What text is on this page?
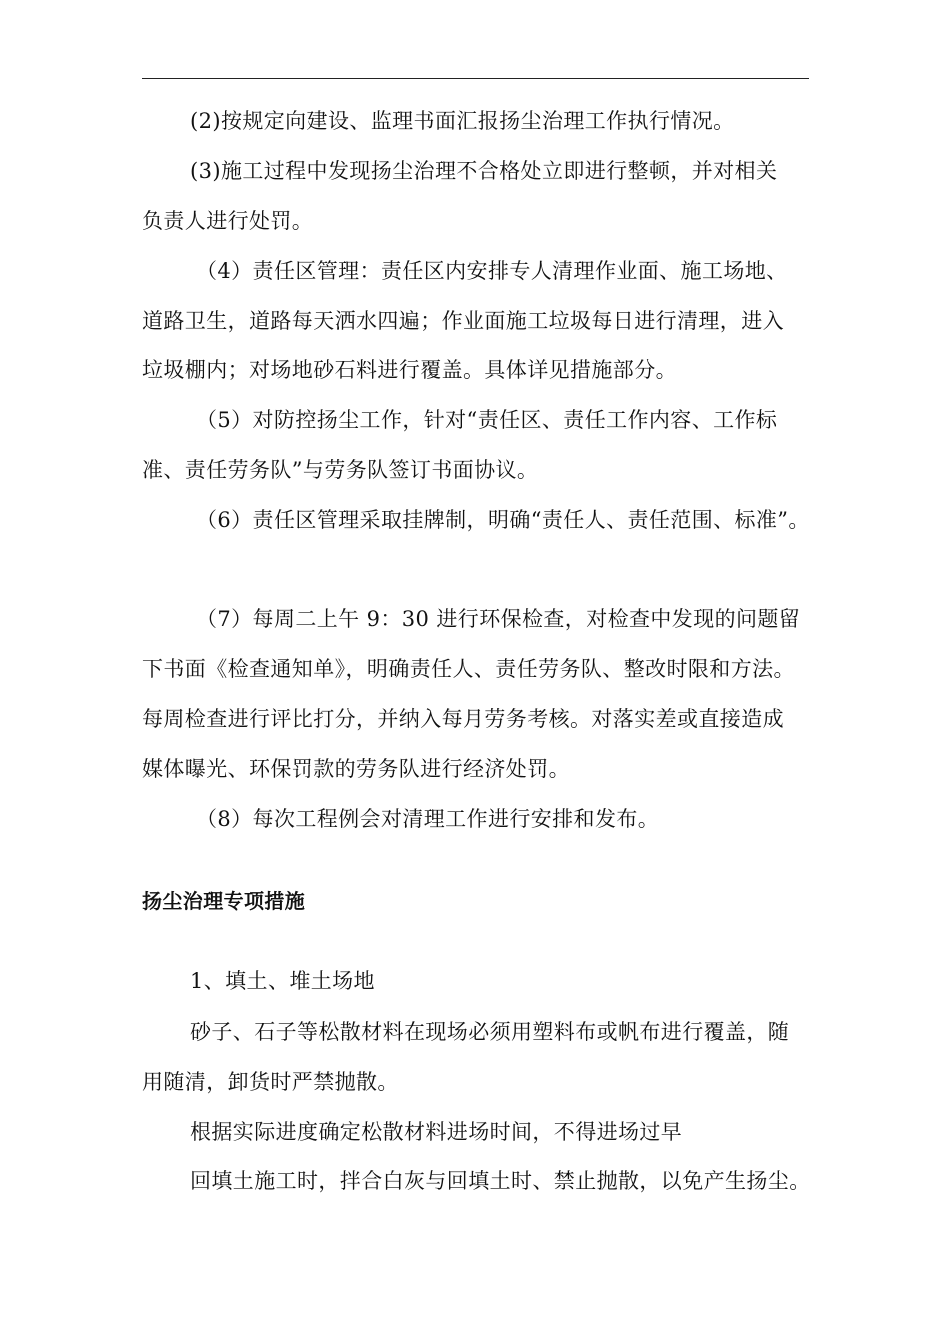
(2)按规定向建设、监理书面汇报扬尘治理工作执行情况。
(3)施工过程中发现扬尘治理不合格处立即进行整顿，并对相关
负责人进行处罚。
（4）责任区管理：责任区内安排专人清理作业面、施工场地、
道路卫生，道路每天洒水四遍；作业面施工垃圾每日进行清理，进入
垃圾棚内；对场地砂石料进行覆盖。具体详见措施部分。
（5）对防控扬尘工作，针对“责任区、责任工作内容、工作标
准、责任劳务队”与劳务队签订书面协议。
（6）责任区管理采取挂牌制，明确“责任人、责任范围、标准”。
（7）每周二上午 9：30 进行环保检查，对检查中发现的问题留
下书面《检查通知单》，明确责任人、责任劳务队、整改时限和方法。
每周检查进行评比打分，并纳入每月劳务考核。对落实差或直接造成
媒体曝光、环保罚款的劳务队进行经济处罚。
（8）每次工程例会对清理工作进行安排和发布。
扬尘治理专项措施
1、填土、堆土场地
砂子、石子等松散材料在现场必须用塑料布或帆布进行覆盖，随
用随清，卸货时严禁抛散。
根据实际进度确定松散材料进场时间，不得进场过早
回填土施工时，拌合白灰与回填土时、禁止抛散，以免产生扬尘。
